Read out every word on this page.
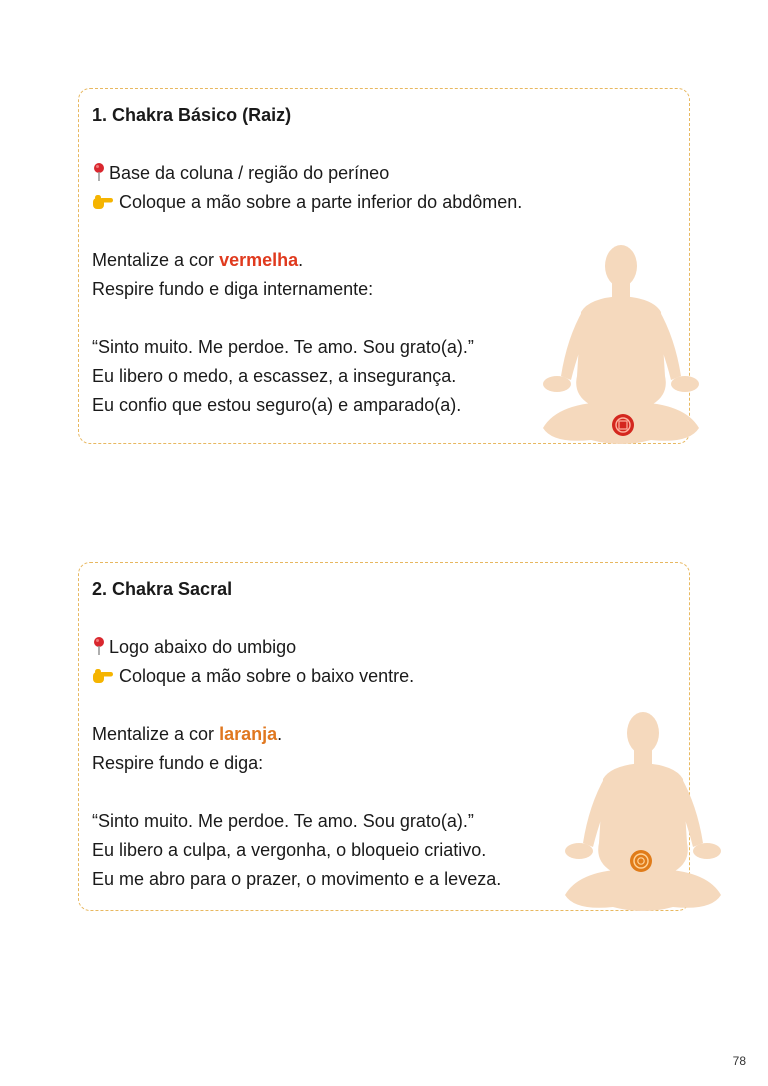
1. Chakra Básico (Raiz)
Base da coluna / região do períneo
Coloque a mão sobre a parte inferior do abdômen.
Mentalize a cor vermelha.
Respire fundo e diga internamente:
“Sinto muito. Me perdoe. Te amo. Sou grato(a).”
Eu libero o medo, a escassez, a insegurança.
Eu confio que estou seguro(a) e amparado(a).
2. Chakra Sacral
Logo abaixo do umbigo
Coloque a mão sobre o baixo ventre.
Mentalize a cor laranja.
Respire fundo e diga:
“Sinto muito. Me perdoe. Te amo. Sou grato(a).”
Eu libero a culpa, a vergonha, o bloqueio criativo.
Eu me abro para o prazer, o movimento e a leveza.
78
